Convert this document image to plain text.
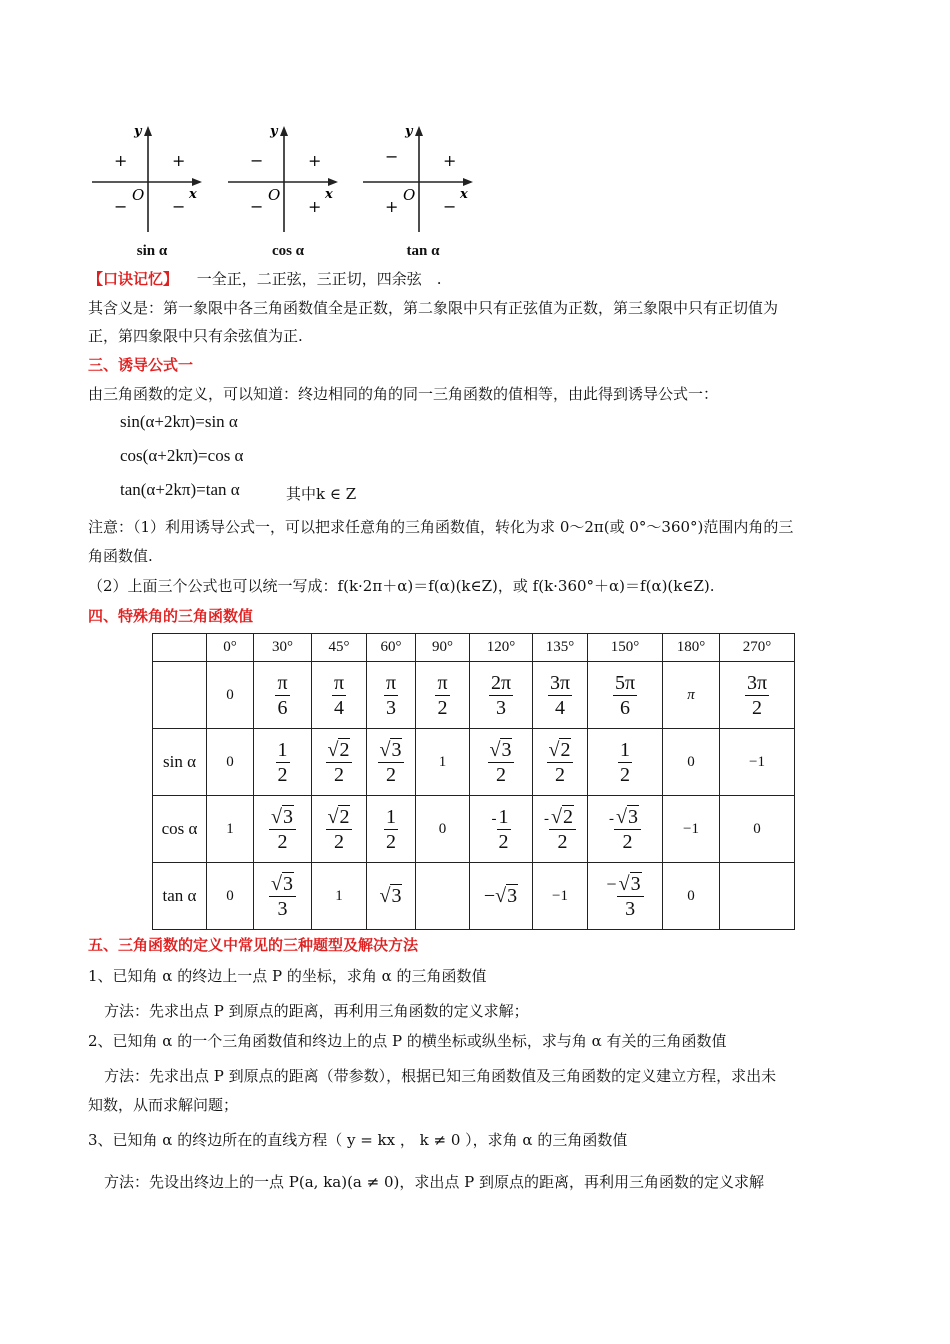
y
x
O
+	+
−	−
sin α
y
x
O
−	+
−	+
cos α
y
x
O
−	+
+	−
tan α
【口诀记忆】 一全正，二正弦，三正切，四余弦　.
其含义是：第一象限中各三角函数值全是正数，第二象限中只有正弦值为正数，第三象限中只有正切值为
正，第四象限中只有余弦值为正.
三、诱导公式一
由三角函数的定义，可以知道：终边相同的角的同一三角函数的值相等，由此得到诱导公式一：
sin(α+2kπ)=sin α
cos(α+2kπ)=cos α
tan(α+2kπ)=tan α	其中k ∈ Z
注意：（1）利用诱导公式一，可以把求任意角的三角函数值，转化为求 0～2π(或 0°～360°)范围内角的三
角函数值.
（2）上面三个公式也可以统一写成：f(k·2π＋α)＝f(α)(k∈Z)，或 f(k·360°＋α)＝f(α)(k∈Z).
四、特殊角的三角函数值
	0°	30°	45°	60°	90°	120°	135°	150°	180°	270°
	0	$\frac{\pi}{6}$	$\frac{\pi}{4}$	$\frac{\pi}{3}$	$\frac{\pi}{2}$	$\frac{2\pi}{3}$	$\frac{3\pi}{4}$	$\frac{5\pi}{6}$	π	$\frac{3\pi}{2}$

sin α	0	$\frac{1}{2}$	$\frac{√2}{2}$	$\frac{√3}{2}$	1	$\frac{√3}{2}$	$\frac{√2}{2}$	$\frac{1}{2}$	0	−1
cos α	1	$\frac{√3}{2}$	$\frac{√2}{2}$	$\frac{1}{2}$	0	- $\frac{1}{2}$	- $\frac{√2}{2}$	- $\frac{√3}{2}$	−1	0
tan α	0	$\frac{√3}{3}$	1	√3		−√3	−1	− $\frac{√3}{3}$	0	
五、三角函数的定义中常见的三种题型及解决方法
1、已知角 α 的终边上一点 P 的坐标，求角 α 的三角函数值
方法：先求出点 P 到原点的距离，再利用三角函数的定义求解；
2、已知角 α 的一个三角函数值和终边上的点 P 的横坐标或纵坐标，求与角 α 有关的三角函数值
方法：先求出点 P 到原点的距离（带参数），根据已知三角函数值及三角函数的定义建立方程，求出未
知数，从而求解问题；
3、已知角 α 的终边所在的直线方程（ y = kx ， k ≠ 0 ），求角 α 的三角函数值
方法：先设出终边上的一点 P(a, ka)(a ≠ 0)，求出点 P 到原点的距离，再利用三角函数的定义求解
